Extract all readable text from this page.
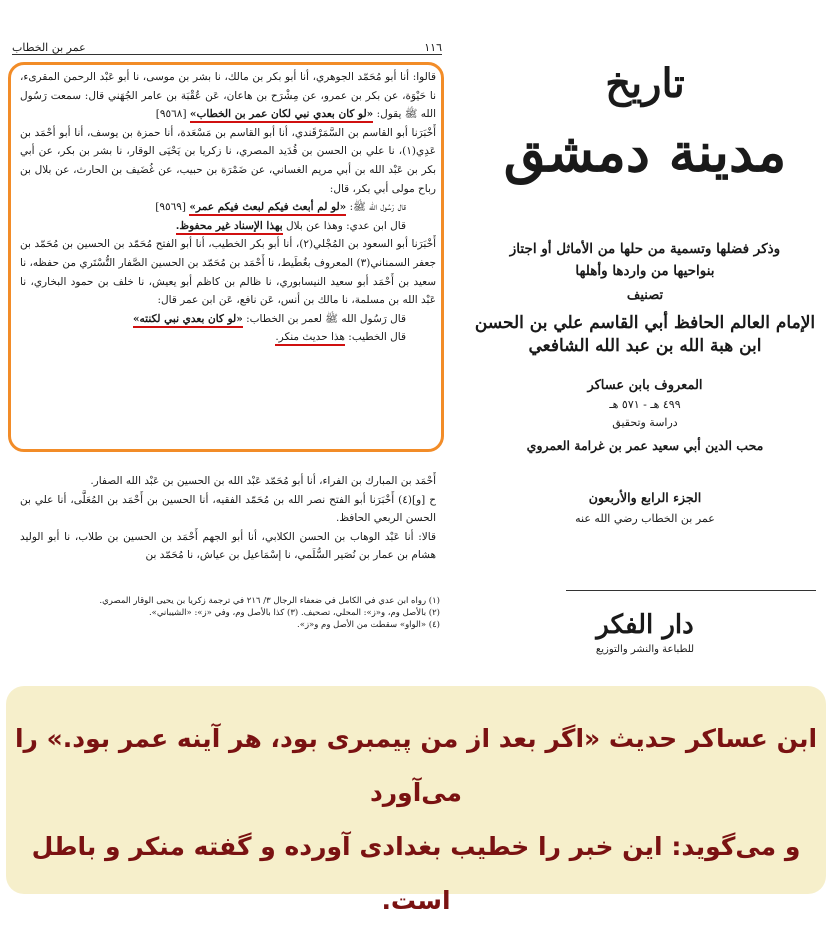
١١٦
عمر بن الخطاب

قالوا: أنا أبو مُحَمّد الجوهري، أنا أبو بكر بن مالك، نا بشر بن موسى، نا أبو عَبْد الرحمن المقرىء، نا حَيْوَة، عن بكر بن عمرو، عن مِشْرَح بن هاعان، عَن عُقْبَة بن عامر الجُهَني قال: سمعت رَسُول الله ﷺ يقول: «لو كان بعدي نبي لكان عمر بن الخطاب» [٩٥٦٨]

أَخْبَرَنا أبو القاسم بن السَّمَرْقَندي، أنا أبو القاسم بن مَسْعَدة، أنا حمزة بن يوسف، أنا أبو أحْمَد بن عَدِي(١)، نا علي بن الحسن بن قُدَيد المصري، نا زكريا بن يَحْيَى الوقار، نا بشر بن بكر، عن أبي بكر بن عَبْد الله بن أبي مريم الغساني، عن ضَمْرَة بن حبيب، عن غُضَيف بن الحارث، عن بلال بن رباح مولى أبي بكر، قال:

قال رَسُول الله ﷺ: «لو لم أبعث فيكم لبعث فيكم عمر» [٩٥٦٩]

قال ابن عدي: وهذا عن بلال بهذا الإسناد غير محفوظ.

أَخْبَرَنا أبو السعود بن المُجْلي(٢)، أنا أبو بكر الخطيب، أنا أبو الفتح مُحَمّد بن الحسين بن مُحَمّد بن جعفر السمناني(٣) المعروف بغُطَيط، نا أَحْمَد بن مُحَمّد بن الحسين الصَّفار التُّسْتَري من حفظه، نا سعيد بن أَحْمَد أبو سعيد النيسابوري، نا ظالم بن كاظم أبو يعيش، نا خلف بن حمود البخاري، نا عَبْد الله بن مسلمة، نا مالك بن أنس، عَن نافع، عَن ابن عمر قال:

قال رَسُول الله ﷺ لعمر بن الخطاب: «لو كان بعدي نبي لكنته»

قال الخطيب: هذا حديث منكر.

أَحْمَد بن المبارك بن الفراء، أنا أبو مُحَمّد عَبْد الله بن الحسين بن عَبْد الله الصفار.

ح [و](٤) أَخْبَرَنا أبو الفتح نصر الله بن مُحَمّد الفقيه، أنا الحسين بن أَحْمَد بن المُعَلَّى، أنا علي بن الحسن الربعي الحافظ.

قالا: أنا عَبْد الوهاب بن الحسن الكلابي، أنا أبو الجهم أَحْمَد بن الحسين بن طلاب، نا أبو الوليد هشام بن عمار بن نُصَير السُّلَمي، نا إسْمَاعيل بن عياش، نا مُحَمّد بن

(١) رواه ابن عدي في الكامل في ضعفاء الرجال ٣/ ٢١٦ في ترجمة زكريا بن يحيى الوقار المصري.
(٢) بالأصل وم، و«ز»: المحلي، تصحيف. (٣) كذا بالأصل وم، وفي «ز»: «الشيباني».
(٤) «الواو» سقطت من الأصل وم و«ز».
تاريخ
مدينة دمشق
وذكر فضلها وتسمية من حلها من الأماثل أو اجتاز
بنواحيها من واردها وأهلها
تصنيف
الإمام العالم الحافظ أبي القاسم علي بن الحسن
ابن هبة الله بن عبد الله الشافعي
المعروف بابن عساكر
٤٩٩ هـ - ٥٧١ هـ
دراسة وتحقيق
محب الدين أبي سعيد عمر بن غرامة العمروي
الجزء الرابع والأربعون
عمر بن الخطاب رضي الله عنه
دار الفكر
للطباعة والنشر والتوزيع

ابن عساکر حدیث «اگر بعد از من پیمبری بود، هر آینه عمر بود.» را می‌آورد

و می‌گوید: این خبر را خطیب بغدادی آورده و گفته منکر و باطل است.
